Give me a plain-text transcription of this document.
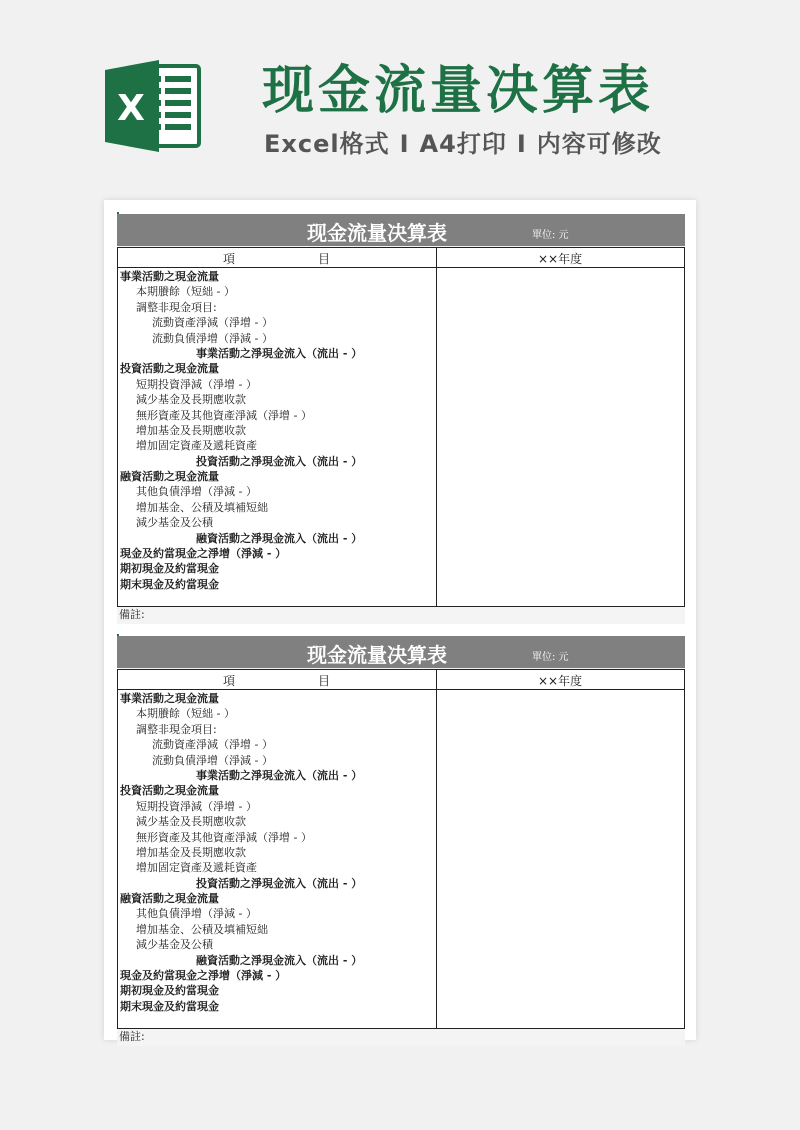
X 现金流量决算表
Excel格式 I A4打印 I 内容可修改
现金流量决算表	單位: 元
項	目	××年度
事業活動之現金流量
本期賸餘（短絀 - ）
調整非現金項目:
流動資產淨減（淨增 - ）
流動負債淨增（淨減 - ）
事業活動之淨現金流入（流出 - ）
投資活動之現金流量
短期投資淨減（淨增 - ）
減少基金及長期應收款
無形資產及其他資產淨減（淨增 - ）
增加基金及長期應收款
增加固定資產及遞耗資產
投資活動之淨現金流入（流出 - ）
融資活動之現金流量
其他負債淨增（淨減 - ）
增加基金、公積及填補短絀
減少基金及公積
融資活動之淨現金流入（流出 - ）
現金及約當現金之淨增（淨減 - ）
期初現金及約當現金
期末現金及約當現金
備註:
现金流量决算表	單位: 元
項	目	××年度
事業活動之現金流量
本期賸餘（短絀 - ）
調整非現金項目:
流動資產淨減（淨增 - ）
流動負債淨增（淨減 - ）
事業活動之淨現金流入（流出 - ）
投資活動之現金流量
短期投資淨減（淨增 - ）
減少基金及長期應收款
無形資產及其他資產淨減（淨增 - ）
增加基金及長期應收款
增加固定資產及遞耗資產
投資活動之淨現金流入（流出 - ）
融資活動之現金流量
其他負債淨增（淨減 - ）
增加基金、公積及填補短絀
減少基金及公積
融資活動之淨現金流入（流出 - ）
現金及約當現金之淨增（淨減 - ）
期初現金及約當現金
期末現金及約當現金
備註:
